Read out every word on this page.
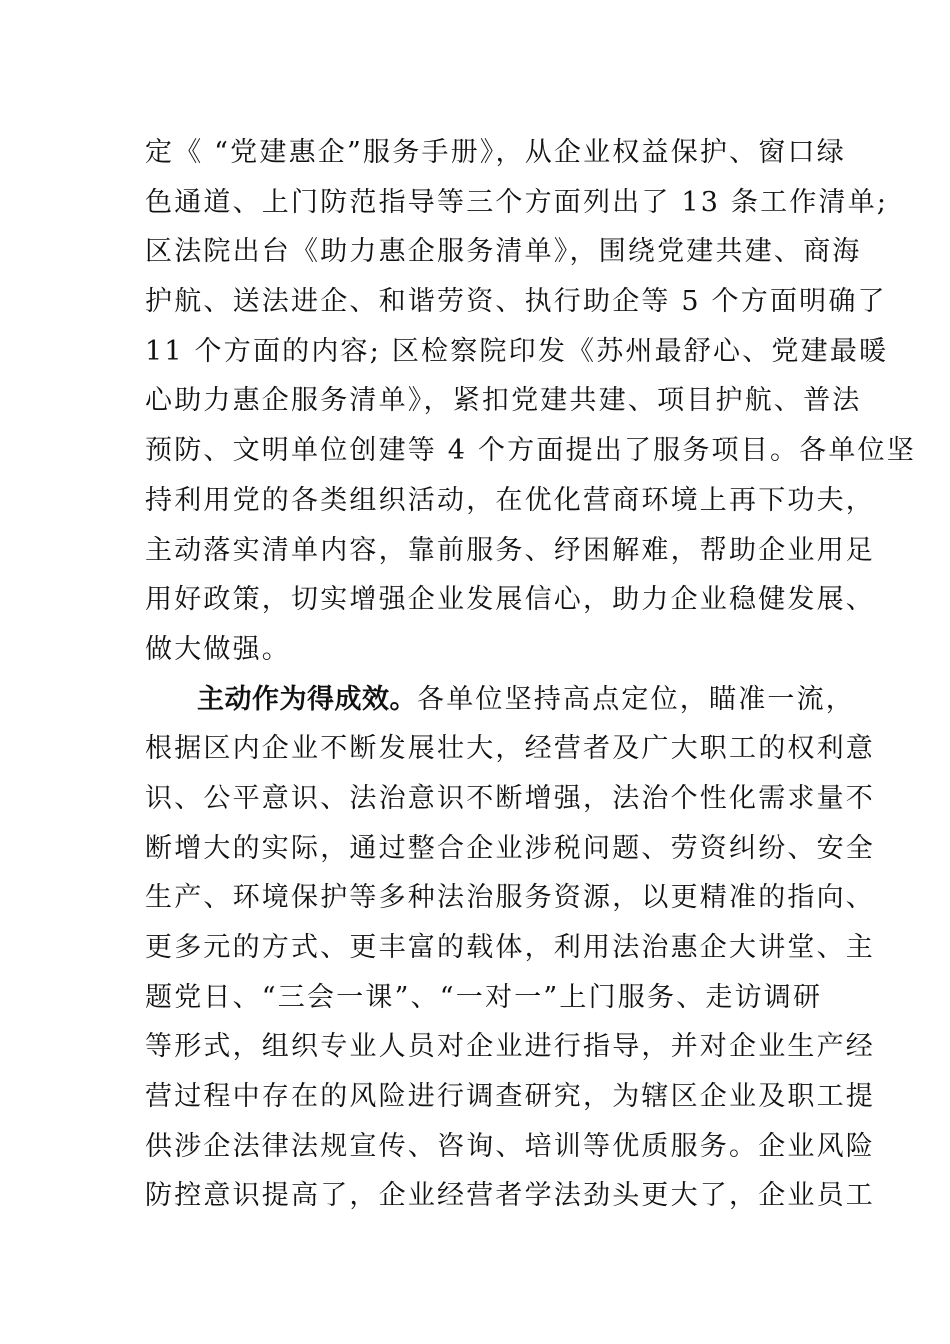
定《 “党建惠企”服务手册》，从企业权益保护、窗口绿
色通道、上门防范指导等三个方面列出了 13 条工作清单;
区法院出台《助力惠企服务清单》，围绕党建共建、商海
护航、送法进企、和谐劳资、执行助企等 5 个方面明确了
11 个方面的内容; 区检察院印发《苏州最舒心、党建最暖
心助力惠企服务清单》，紧扣党建共建、项目护航、普法
预防、文明单位创建等 4 个方面提出了服务项目。各单位坚
持利用党的各类组织活动，在优化营商环境上再下功夫，
主动落实清单内容，靠前服务、纾困解难，帮助企业用足
用好政策，切实增强企业发展信心，助力企业稳健发展、
做大做强。
主动作为得成效。各单位坚持高点定位，瞄准一流，
根据区内企业不断发展壮大，经营者及广大职工的权利意
识、公平意识、法治意识不断增强，法治个性化需求量不
断增大的实际，通过整合企业涉税问题、劳资纠纷、安全
生产、环境保护等多种法治服务资源，以更精准的指向、
更多元的方式、更丰富的载体，利用法治惠企大讲堂、主
题党日、“三会一课”、“一对一”上门服务、走访调研
等形式，组织专业人员对企业进行指导，并对企业生产经
营过程中存在的风险进行调查研究，为辖区企业及职工提
供涉企法律法规宣传、咨询、培训等优质服务。企业风险
防控意识提高了，企业经营者学法劲头更大了，企业员工
